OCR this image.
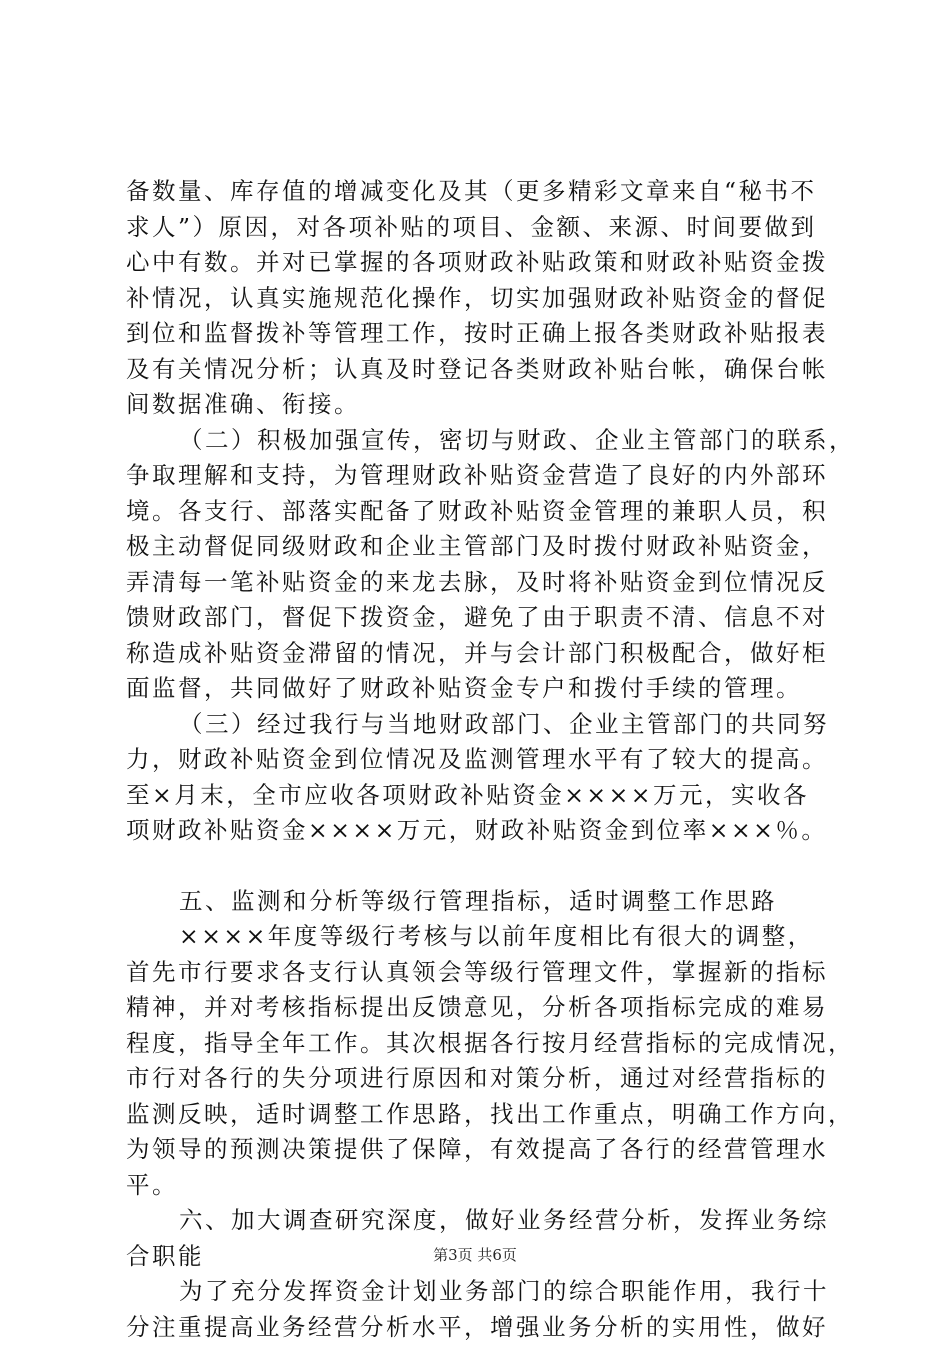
备数量、库存值的增减变化及其（更多精彩文章来自“秘书不
求人”）原因，对各项补贴的项目、金额、来源、时间要做到
心中有数。并对已掌握的各项财政补贴政策和财政补贴资金拨
补情况，认真实施规范化操作，切实加强财政补贴资金的督促
到位和监督拨补等管理工作，按时正确上报各类财政补贴报表
及有关情况分析；认真及时登记各类财政补贴台帐，确保台帐
间数据准确、衔接。
（二）积极加强宣传，密切与财政、企业主管部门的联系，
争取理解和支持，为管理财政补贴资金营造了良好的内外部环
境。各支行、部落实配备了财政补贴资金管理的兼职人员，积
极主动督促同级财政和企业主管部门及时拨付财政补贴资金，
弄清每一笔补贴资金的来龙去脉，及时将补贴资金到位情况反
馈财政部门，督促下拨资金，避免了由于职责不清、信息不对
称造成补贴资金滞留的情况，并与会计部门积极配合，做好柜
面监督，共同做好了财政补贴资金专户和拨付手续的管理。
（三）经过我行与当地财政部门、企业主管部门的共同努
力，财政补贴资金到位情况及监测管理水平有了较大的提高。
至×月末，全市应收各项财政补贴资金××××万元，实收各
项财政补贴资金××××万元，财政补贴资金到位率×××％。
五、监测和分析等级行管理指标，适时调整工作思路
××××年度等级行考核与以前年度相比有很大的调整，
首先市行要求各支行认真领会等级行管理文件，掌握新的指标
精神，并对考核指标提出反馈意见，分析各项指标完成的难易
程度，指导全年工作。其次根据各行按月经营指标的完成情况，
市行对各行的失分项进行原因和对策分析，通过对经营指标的
监测反映，适时调整工作思路，找出工作重点，明确工作方向，
为领导的预测决策提供了保障，有效提高了各行的经营管理水
平。
六、加大调查研究深度，做好业务经营分析，发挥业务综
合职能
为了充分发挥资金计划业务部门的综合职能作用，我行十
分注重提高业务经营分析水平，增强业务分析的实用性，做好
第3页 共6页
